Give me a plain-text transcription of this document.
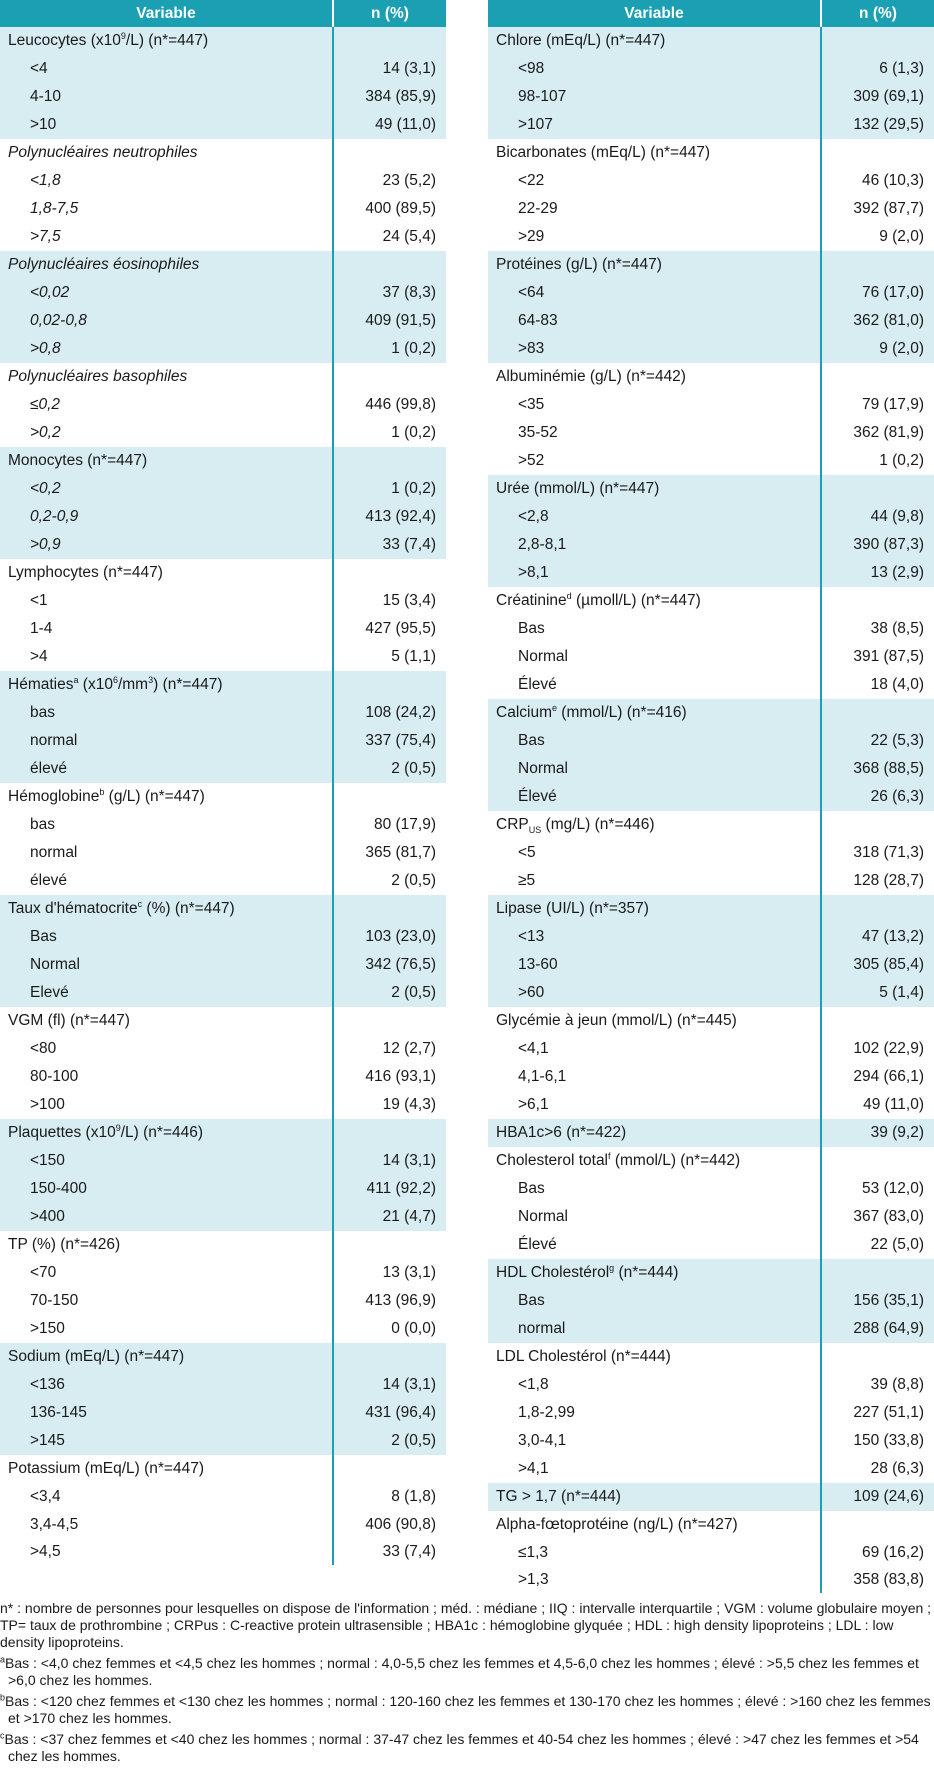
Variable	n (%)
Leucocytes $(x10^9/L)$ (n*=447)	
<4	14 (3,1)
4-10	384 (85,9)
>10	49 (11,0)
Polynucléaires neutrophiles	
<1,8	23 (5,2)
1,8-7,5	400 (89,5)
>7,5	24 (5,4)
Polynucléaires éosinophiles	
<0,02	37 (8,3)
0,02-0,8	409 (91,5)
>0,8	1 (0,2)
Polynucléaires basophiles	
≤0,2	446 (99,8)
>0,2	1 (0,2)
Monocytes (n*=447)	
<0,2	1 (0,2)
0,2-0,9	413 (92,4)
>0,9	33 (7,4)
Lymphocytes (n*=447)	
<1	15 (3,4)
1-4	427 (95,5)
>4	5 (1,1)
Hématies$^a$ $(x10^6/mm^3)$ (n*=447)	
bas	108 (24,2)
normal	337 (75,4)
élevé	2 (0,5)
Hémoglobine$^b$ (g/L) (n*=447)	
bas	80 (17,9)
normal	365 (81,7)
élevé	2 (0,5)
Taux d'hématocrite$^c$ (%) (n*=447)	
Bas	103 (23,0)
Normal	342 (76,5)
Elevé	2 (0,5)
VGM (fl) (n*=447)	
<80	12 (2,7)
80-100	416 (93,1)
>100	19 (4,3)
Plaquettes $(x10^9/L)$ (n*=446)	
<150	14 (3,1)
150-400	411 (92,2)
>400	21 (4,7)
TP (%) (n*=426)	
<70	13 (3,1)
70-150	413 (96,9)
>150	0 (0,0)
Sodium (mEq/L) (n*=447)	
<136	14 (3,1)
136-145	431 (96,4)
>145	2 (0,5)
Potassium (mEq/L) (n*=447)	
<3,4	8 (1,8)
3,4-4,5	406 (90,8)
>4,5	33 (7,4)
Variable	n (%)
Chlore (mEq/L) (n*=447)	
<98	6 (1,3)
98-107	309 (69,1)
>107	132 (29,5)
Bicarbonates (mEq/L) (n*=447)	
<22	46 (10,3)
22-29	392 (87,7)
>29	9 (2,0)
Protéines (g/L) (n*=447)	
<64	76 (17,0)
64-83	362 (81,0)
>83	9 (2,0)
Albuminémie (g/L) (n*=442)	
<35	79 (17,9)
35-52	362 (81,9)
>52	1 (0,2)
Urée (mmol/L) (n*=447)	
<2,8	44 (9,8)
2,8-8,1	390 (87,3)
>8,1	13 (2,9)
Créatinine$^d$ (µmoll/L) (n*=447)	
Bas	38 (8,5)
Normal	391 (87,5)
Élevé	18 (4,0)
Calcium$^e$ (mmol/L) (n*=416)	
Bas	22 (5,3)
Normal	368 (88,5)
Élevé	26 (6,3)
$CRP_{US}$ (mg/L) (n*=446)	
<5	318 (71,3)
≥5	128 (28,7)
Lipase (UI/L) (n*=357)	
<13	47 (13,2)
13-60	305 (85,4)
>60	5 (1,4)
Glycémie à jeun (mmol/L) (n*=445)	
<4,1	102 (22,9)
4,1-6,1	294 (66,1)
>6,1	49 (11,0)
HBA1c>6 (n*=422)	39 (9,2)
Cholesterol total$^f$ (mmol/L) (n*=442)	
Bas	53 (12,0)
Normal	367 (83,0)
Élevé	22 (5,0)
HDL Cholestérol$^g$ (n*=444)	
Bas	156 (35,1)
normal	288 (64,9)
LDL Cholestérol (n*=444)	
<1,8	39 (8,8)
1,8-2,99	227 (51,1)
3,0-4,1	150 (33,8)
>4,1	28 (6,3)
TG > 1,7 (n*=444)	109 (24,6)
Alpha-fœtoprotéine (ng/L) (n*=427)	
≤1,3	69 (16,2)
>1,3	358 (83,8)

n* : nombre de personnes pour lesquelles on dispose de l'information ; méd. : médiane ; IIQ : intervalle interquartile ; VGM : volume globulaire moyen ; TP= taux de prothrombine ; CRPus : C-reactive protein ultrasensible ; HBA1c : hémoglobine glyquée ; HDL : high density lipoproteins ; LDL : low density lipoproteins.

$^a$Bas : <4,0 chez femmes et <4,5 chez les hommes ; normal : 4,0-5,5 chez les femmes et 4,5-6,0 chez les hommes ; élevé : >5,5 chez les femmes et >6,0 chez les hommes.

$^b$Bas : <120 chez femmes et <130 chez les hommes ; normal : 120-160 chez les femmes et 130-170 chez les hommes ; élevé : >160 chez les femmes et >170 chez les hommes.

$^c$Bas : <37 chez femmes et <40 chez les hommes ; normal : 37-47 chez les femmes et 40-54 chez les hommes ; élevé : >47 chez les femmes et >54 chez les hommes.
